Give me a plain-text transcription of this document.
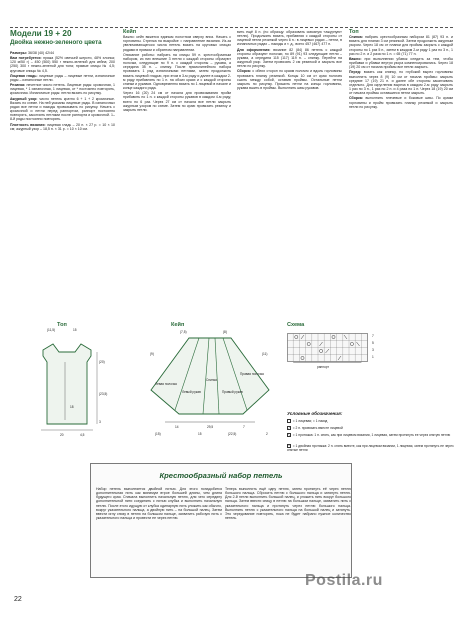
Модели 19 + 20
Двойка нежно-зеленого цвета

Размеры: 36/38 (40) 42/44

Вам потребуется: пряжа (52% овечьей шерсти, 48% хлопка; 120 м/50 г) – 450 (500) 550 г нежно-зеленой для кейпа; 200 (250) 300 г нежно-зеленой для топа; прямые спицы № 4,5; круговые спицы № 4,5.

Лицевая гладь: лицевые ряды – лицевые петли, изнаночные ряды – изнаночные петли.

Резинка: нечетное число петель. Лицевые ряды: кромочная, 1 лицевая, * 1 изнаночная, 1 лицевая, от * постоянно повторять, кромочная. Изнаночные ряды: петли вязать по рисунку.

Ажурный узор: число петель кратно 6 + 1 + 2 кромочные. Вязать по схеме. На ней указаны лицевые ряды. В изнаночных рядах все петли и накиды провязывать по рисунку. Начать с кромочной и петли перед раппортом, раппорт постоянно повторять, закончить петлями после раппорта и кромочной. 1–8-й ряды постоянно повторять.

Плотность вязания: лицевая гладь – 20 п. × 27 р. = 10 × 10 см; ажурный узор – 18,5 п. × 31 р. = 10 × 10 см.

Кейп

Важно: кейп вяжется единым полотном сверху вниз. Начать с горловины. Стрелка на выкройке = направление вязания. Из-за увеличивающегося числа петель вязать на круговых спицах рядами в прямом и обратном направлении.

Описание работы: набрать на спицы 59 п. крестообразным набором, из них внешние 3 петли с каждой стороны образуют полочки, следующие по 9 п. с каждой стороны – рукава, а середина 35 п. – спинку. После прямолинейного набора провязать 1 ряд изнаночными петлями, затем продолжить вязать лицевой гладью, при этом в 3-м ряду и далее в каждом 2-м ряду прибавлять по 1 п. на обоих краях и с каждой стороны спинки и рукавов. Одновременно вязать по 1 лицевой в начале и конце каждого ряда.

Через 16 (20) 24 см от начала для провязывания пройм прибавить по 1 п. с каждой стороны рукавов в каждом 4-м ряду, всего по 6 раз. Через 27 см от начала все петли закрыть ажурным узором по схеме. Затем по краю провязать резинку и закрыть петли.

вить ещё 8 п. (по образцу: образовать сквозную «ажурную» петлю). Продолжить вязать, прибавляя с каждой стороны от лицевой петли резинкой через 6 п.: в лицевых рядах – петли, в изнаночных рядах – накиды и т. д., всего 457 (467) 477 п.

Для оформления: вязание 82 (84) 86 петель с каждой стороны образуют полочки, по 89 (91) 93 следующие петли – рукава, а середина 115 (117) 119 п. – спинку. Перейти на ажурный узор. Затем провязать 2 см резинкой и закрыть все петли по рисунку.

Сборка: с обеих сторон по краям полочек и вдоль горловины провязать планку резинкой. Концы 10 см от края полочек сшить между собой, оставив проймы. Остальные петли закрыть по рисунку. Пришить петли на концы горловины, рукава вшить в проймы. Выполнить швы рукавов.

Топ

Спинка: набрать крестообразным набором 81 (87) 93 п. и вязать для планки 3 см резинкой. Затем продолжить ажурным узором. Через 18 см от планки для проймы закрыть с каждой стороны по 1 раз 5 п., затем в каждом 2-м ряду 1 раз по 3 п., 1 раз по 2 п. и 2 раза по 1 п. = 65 (71) 77 п.

Важно: при выполнении убавок следить за тем, чтобы прибавки и убавки внутри узора компенсировались. Через 18 (19) 20 см от начала проймы все петли закрыть.

Перед: вязать как спинку, но глубокий вырез горловины выполнить через 8 (9) 10 см от начала проймы: закрыть средние 17 (19) 21 п. и далее обе стороны заканчивать отдельно. Для скругления выреза в каждом 2-м ряду закрыть 1 раз по 3 п., 1 раз по 2 п. и 4 раза по 1 п. Через 18 (19) 20 см от начала проймы оставшиеся петли закрыть.

Сборка: выполнить плечевые и боковые швы. По краям горловины и пройм провязать планку резинкой и закрыть петли по рисунку.

Топ	Кейп	Схема
(11,5)	15
(20)
(23,5)
20
18
3
4,5
Левая полочка
Левый рукав
Спинка
Правый рукав
Правая полочка
(7,5)	(8)
29,5
14	7
(9)	(11)
(15)	15	(22,5)	2
7
5
3
1
раппорт
Условные обозначения:
= 1 лицевая; = 1 накид
/ = 2 п. провязать вместе лицевой
\ = 1 протяжка: 1 п. снять, как при лицевом вязании, 1 лицевая, затем протянуть ее через снятую петлю
^ = 1 двойная протяжка: 2 п. снять вместе, как при лицевом вязании, 1 лицевая, затем протянуть ее через снятые петли
Крестообразный набор петель
Набор петель выполняется двойной нитью. Для этого понадобится дополнительная нить как минимум втрое большей длины, чем длина будущего края. Сначала выполнить начальную петлю, для чего середину дополнительной нити соединить с нитью клубка и выполнить начальную петлю. После этого идущую от клубка одинарную нить уложить как обычно, вокруг указательного пальца, а двойную нить – на большой палец. Затем ввести иглу снизу в петлю на большом пальце, захватить рабочую нить с указательного пальца и провести ее через петлю.
Теперь выполнить ещё одну петлю, затем протянуть её через петлю большого пальца. Сбросить петлю с большого пальца и затянуть петлю. Для 2-й петли выполнить большой палец, и уложить нить вокруг большого пальца. Затем ввести спицу в петлю на большом пальце, захватить нить с указательного пальца и протянуть через петлю большого пальца. Выполнить петлю с указательного пальца на большой палец и затянуть. Это чередование повторять, пока не будет набрано нужное количество петель.
22
Postila.ru
